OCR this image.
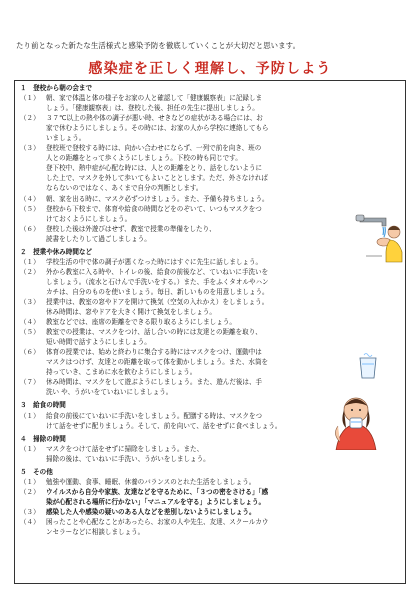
たり前となった新たな生活様式と感染予防を徹底していくことが大切だと思います。
感染症を正しく理解し、予防しよう
１　登校から朝の会まで
（１） 朝、家で体温と体の様子をお家の人と確認して「健康観察表」に記録しま
しょう。「健康観察表」は、登校した後、担任の先生に提出しましょう。
（２） ３７℃以上の熱や体の調子が悪い時、せきなどの症状がある場合には、お
家で休むようにしましょう。その時には、お家の人から学校に連絡してもら
いましょう。
（３） 登校班で登校する時には、向かい合わせにならず、一列で前を向き、班の
人との距離をとって歩くようにしましょう。下校の時も同じです。
登下校中、熱中症が心配な時には、人との距離をとり、話をしないように
した上で、マスクを外して歩いてもよいこととします。ただ、外さなければ
ならないのではなく、あくまで自分の判断とします。
（４） 朝、家を出る時に、マスク必ずつけましょう。また、予備も持ちましょう。
（５） 登校から下校まで、体育や給食の時間などをのぞいて、いつもマスクをつ
けておくようにしましょう。
（６） 登校した後は外遊びはせず、教室で授業の準備をしたり、
読書をしたりして過ごしましょう。
２　授業や休み時間など
（１） 学校生活の中で体の調子が悪くなった時にはすぐに先生に話しましょう。
（２） 外から教室に入る時や、トイレの後、給食の前後など、ていねいに手洗いを
しましょう。（流水と石けんで手洗いをする。）また、手をふくタオルやハン
カチは、自分のものを使いましょう。毎日、新しいものを用意しましょう。
（３） 授業中は、教室の窓やドアを開けて換気（空気の入れかえ）をしましょう。
休み時間は、窓やドアを大きく開けて換気をしましょう。
（４） 教室などでは、座席の距離をできる限り取るようにしましょう。
（５） 教室での授業は、マスクをつけ、話し合いの時には友達との距離を取り、
短い時間で話すようにしましょう。
（６） 体育の授業では、始めと終わりに集合する時にはマスクをつけ、運動中は
マスクはつけず、友達との距離を取って体を動かしましょう。また、水筒を
持っていき、こまめに水を飲むようにしましょう。
（７） 休み時間は、マスクをして遊ぶようにしましょう。また、遊んだ後は、手
洗い や、うがいをていねいにしましょう。
３　給食の時間
（１） 給食の前後にていねいに手洗いをしましょう。配膳する時は、マスクをつ
けて話をせずに配りましょう。そして、前を向いて、話をせずに食べましょう。
４　掃除の時間
（１） マスクをつけて話をせずに掃除をしましょう。また、
掃除の後は、ていねいに手洗い、うがいをしましょう。
５　その他
（１） 勉強や運動、食事、睡眠、休養のバランスのとれた生活をしましょう。
（２） ウイルスから自分や家族、友達などを守るために、「３つの密をさける」「感
染が心配される場所に行かない」「マニュアルを守る」ようにしましょう。
（３） 感染した人や感染の疑いのある人などを差別しないようにしましょう。
（４） 困ったことや心配なことがあったら、お家の人や先生、友達、スクールカウ
ンセラーなどに相談しましょう。
